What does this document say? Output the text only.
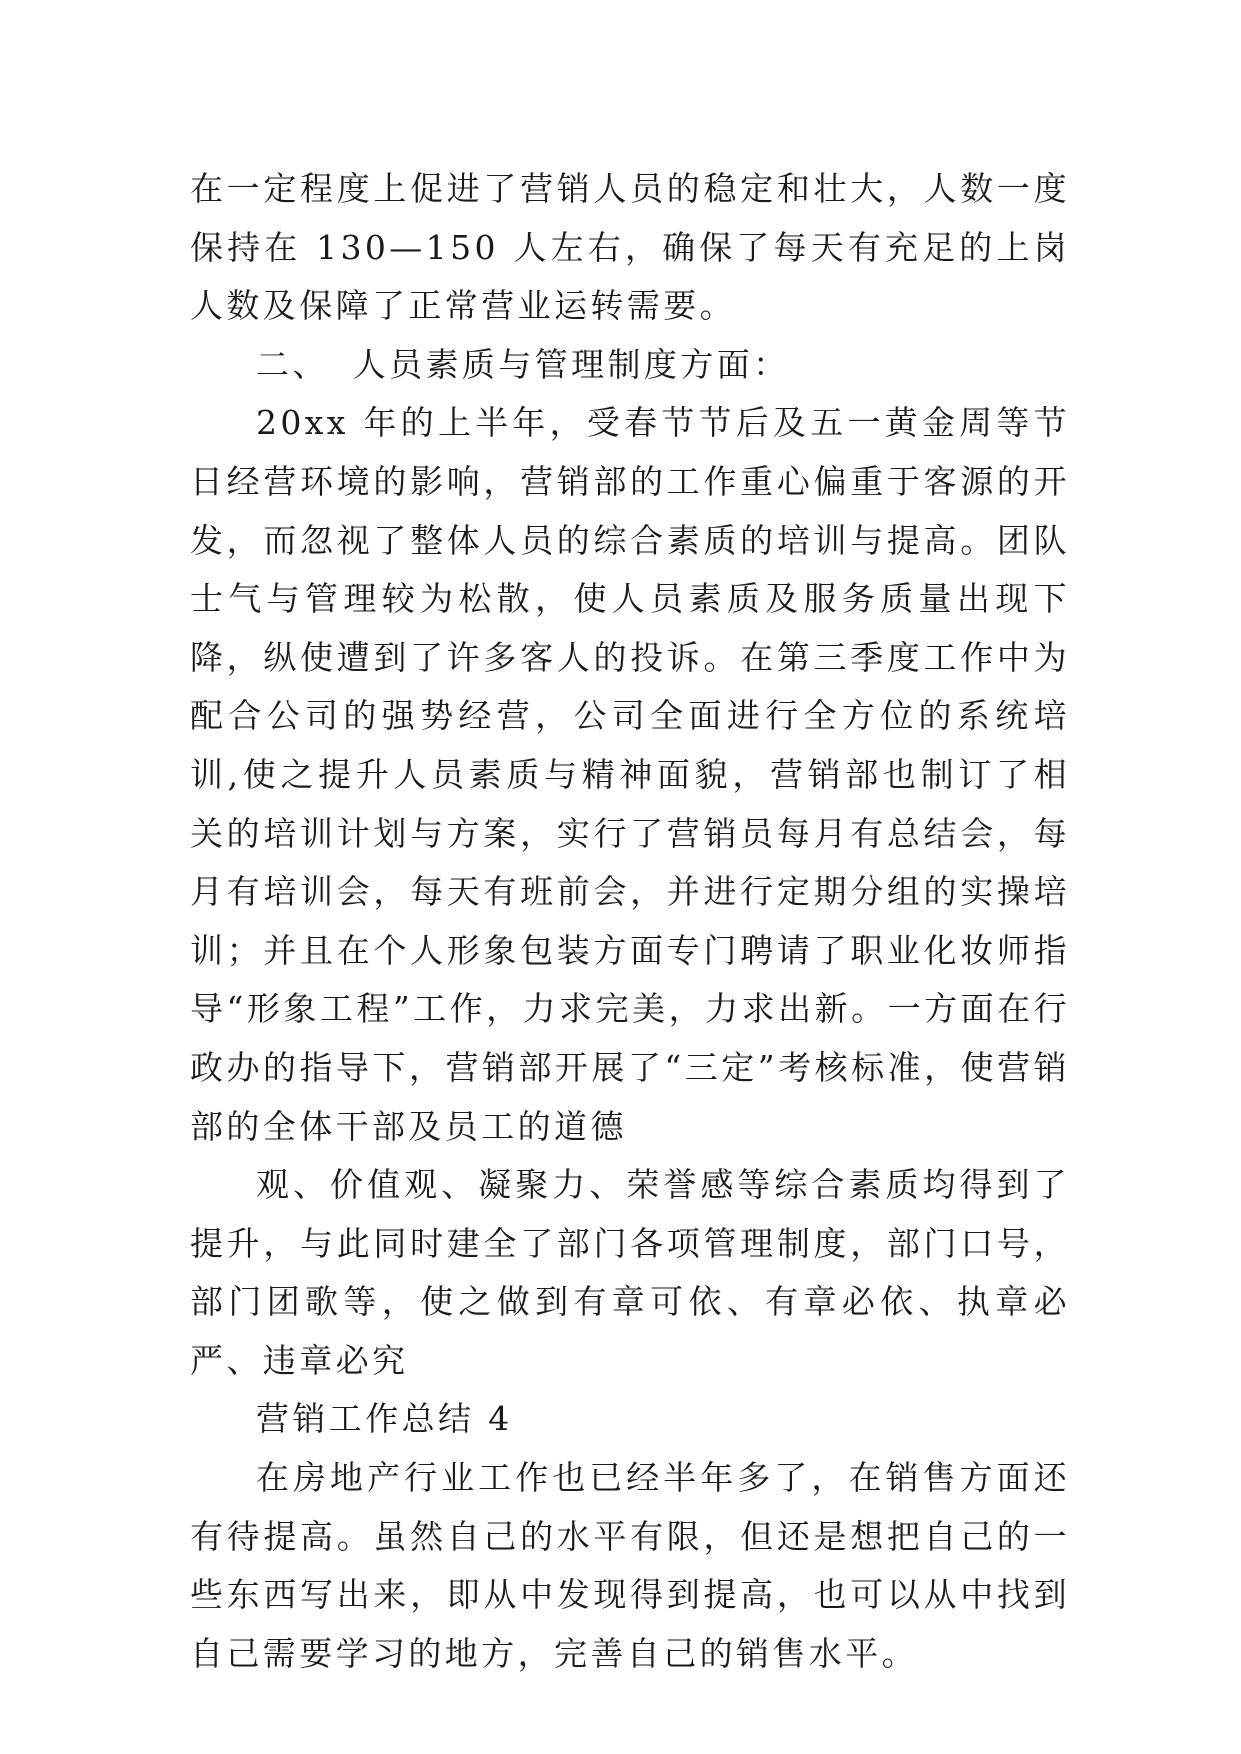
在一定程度上促进了营销人员的稳定和壮大，人数一度保持在 130—150 人左右，确保了每天有充足的上岗人数及保障了正常营业运转需要。

二、 人员素质与管理制度方面：

20xx 年的上半年，受春节节后及五一黄金周等节日经营环境的影响，营销部的工作重心偏重于客源的开发，而忽视了整体人员的综合素质的培训与提高。团队士气与管理较为松散，使人员素质及服务质量出现下降，纵使遭到了许多客人的投诉。在第三季度工作中为配合公司的强势经营，公司全面进行全方位的系统培训,使之提升人员素质与精神面貌，营销部也制订了相关的培训计划与方案，实行了营销员每月有总结会，每月有培训会，每天有班前会，并进行定期分组的实操培训；并且在个人形象包装方面专门聘请了职业化妆师指导“形象工程”工作，力求完美，力求出新。一方面在行政办的指导下，营销部开展了“三定”考核标准，使营销部的全体干部及员工的道德

观、价值观、凝聚力、荣誉感等综合素质均得到了提升，与此同时建全了部门各项管理制度，部门口号，部门团歌等，使之做到有章可依、有章必依、执章必严、违章必究

营销工作总结 4

在房地产行业工作也已经半年多了，在销售方面还有待提高。虽然自己的水平有限，但还是想把自己的一些东西写出来，即从中发现得到提高，也可以从中找到自己需要学习的地方，完善自己的销售水平。
